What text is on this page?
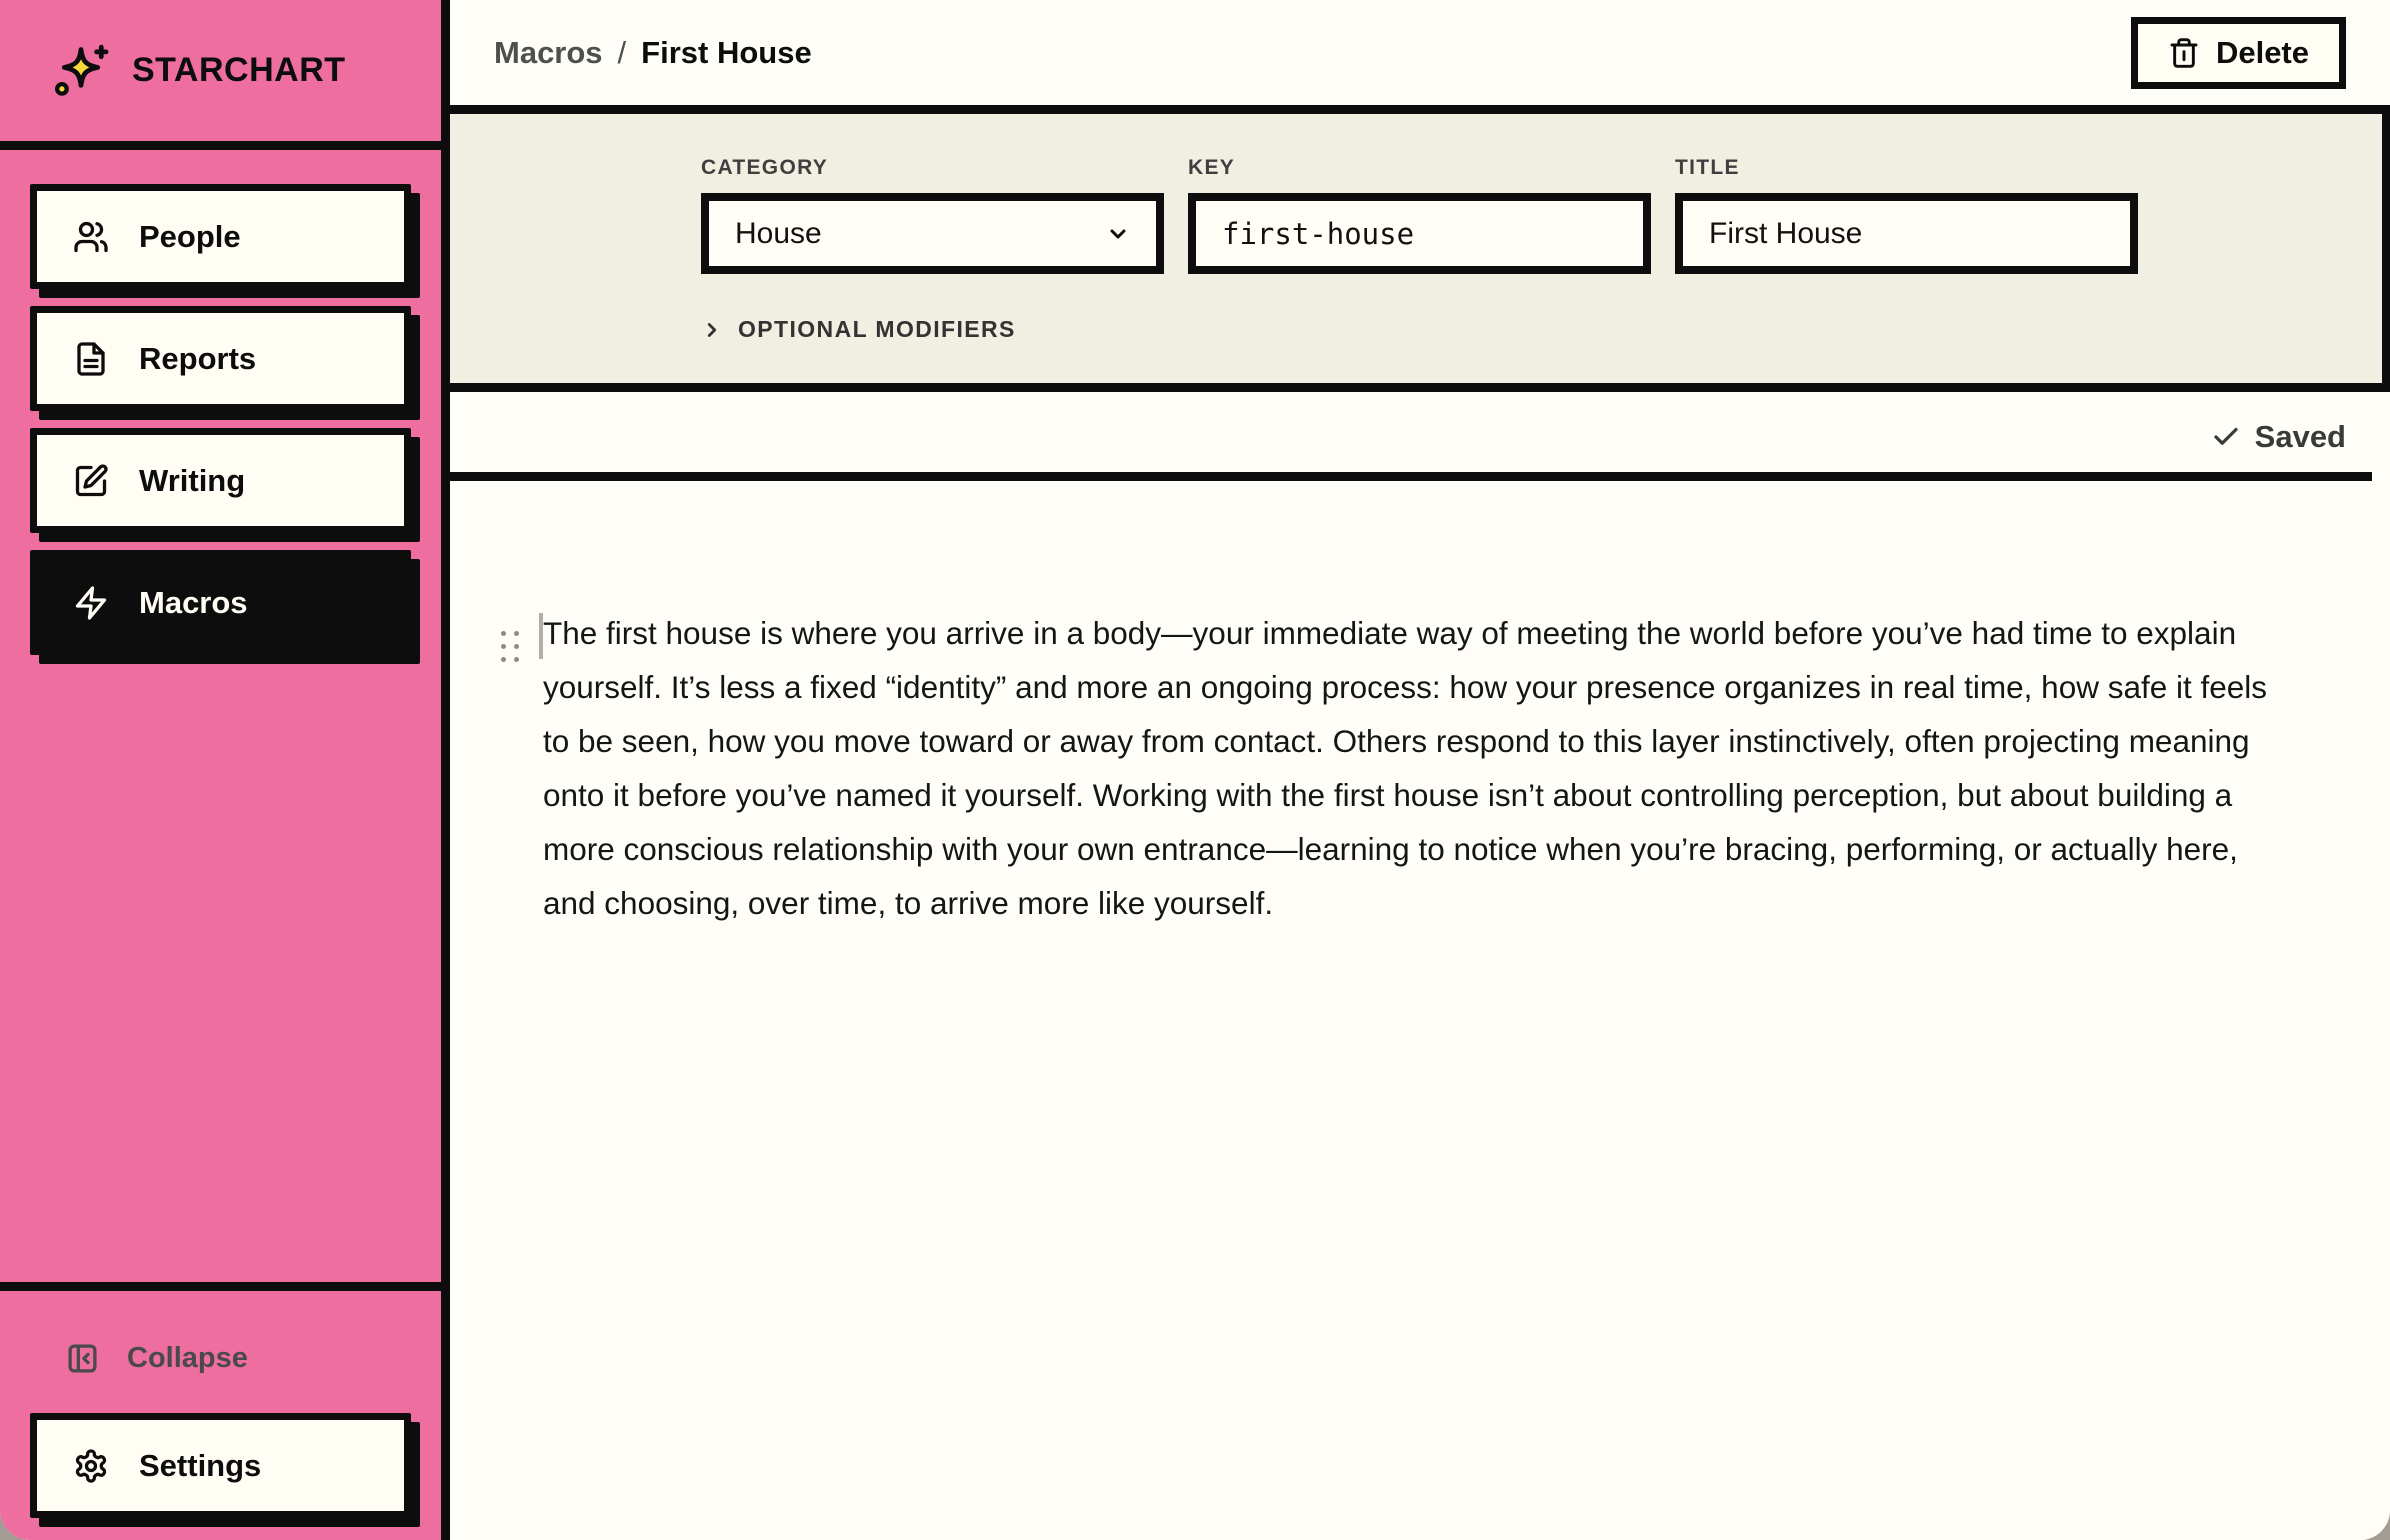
STARCHART
People
Reports
Writing
Macros
Collapse
Settings
Macros / First House	Delete
CATEGORY
House
KEY
first-house	TITLE
First House
OPTIONAL MODIFIERS
Saved

The first house is where you arrive in a body—your immediate way of meeting the world before you’ve had time to explain yourself. It’s less a fixed “identity” and more an ongoing process: how your presence organizes in real time, how safe it feels to be seen, how you move toward or away from contact. Others respond to this layer instinctively, often projecting meaning onto it before you’ve named it yourself. Working with the first house isn’t about controlling perception, but about building a more conscious relationship with your own entrance—learning to notice when you’re bracing, performing, or actually here, and choosing, over time, to arrive more like yourself.
